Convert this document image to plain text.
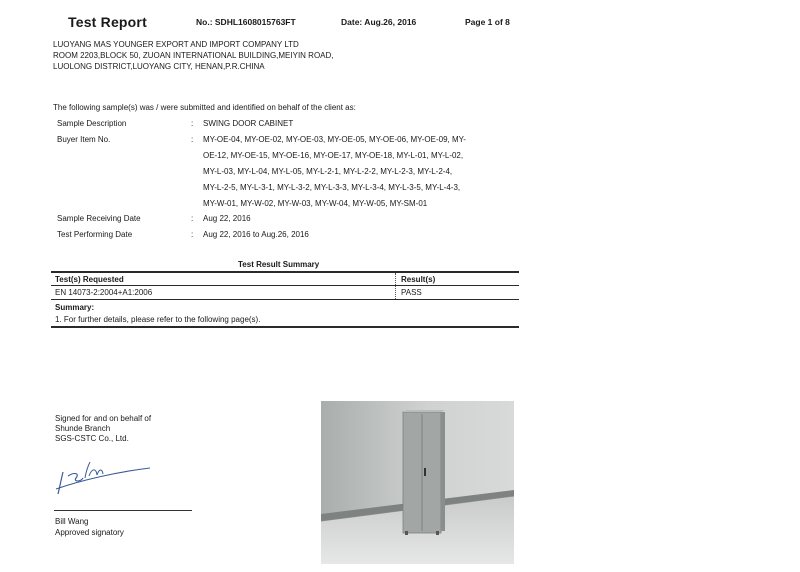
Test Report	No.: SDHL1608015763FT	Date: Aug.26, 2016	Page 1 of 8
LUOYANG MAS YOUNGER EXPORT AND IMPORT COMPANY LTD
ROOM 2203,BLOCK 50, ZUOAN INTERNATIONAL BUILDING,MEIYIN ROAD,
LUOLONG DISTRICT,LUOYANG CITY, HENAN,P.R.CHINA
The following sample(s) was / were submitted and identified on behalf of the client as:
Sample Description	: SWING DOOR CABINET
Buyer Item No.	: MY-OE-04, MY-OE-02, MY-OE-03, MY-OE-05, MY-OE-06, MY-OE-09, MY-
OE-12, MY-OE-15, MY-OE-16, MY-OE-17, MY-OE-18, MY-L-01, MY-L-02,
MY-L-03, MY-L-04, MY-L-05, MY-L-2-1, MY-L-2-2, MY-L-2-3, MY-L-2-4,
MY-L-2-5, MY-L-3-1, MY-L-3-2, MY-L-3-3, MY-L-3-4, MY-L-3-5, MY-L-4-3,
MY-W-01, MY-W-02, MY-W-03, MY-W-04, MY-W-05, MY-SM-01
Sample Receiving Date	: Aug 22, 2016
Test Performing Date	: Aug 22, 2016 to Aug.26, 2016
Test Result Summary
Test(s) Requested	Result(s)
EN 14073-2:2004+A1:2006	PASS
Summary:
1. For further details, please refer to the following page(s).
Signed for and on behalf of
Shunde Branch
SGS-CSTC Co., Ltd.
Bill Wang
Approved signatory
